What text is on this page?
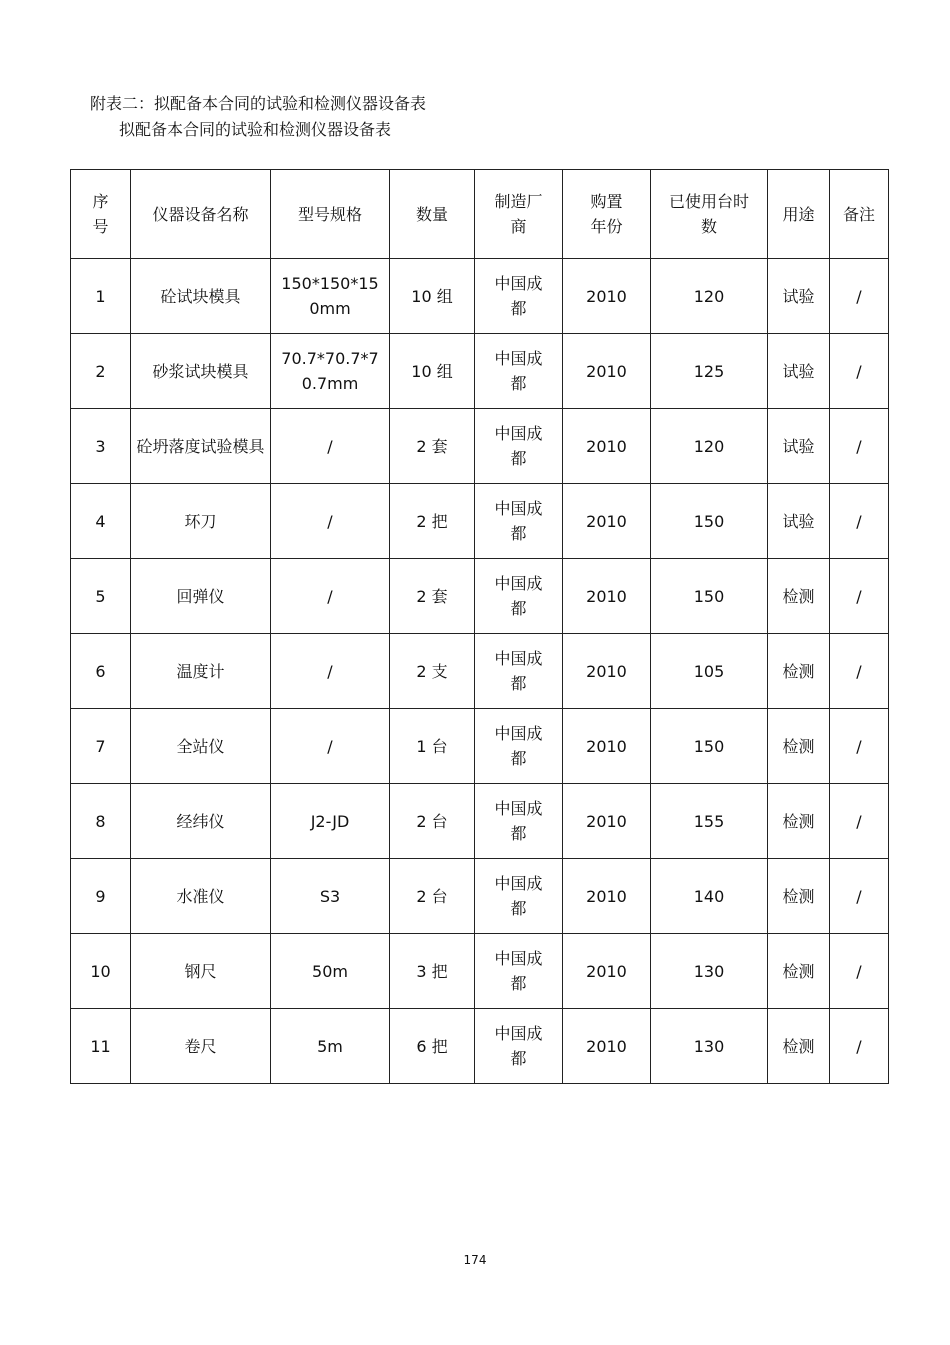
附表二：拟配备本合同的试验和检测仪器设备表
拟配备本合同的试验和检测仪器设备表
序号	仪器设备名称	型号规格	数量	制造厂商	购置年份	已使用台时数	用途	备注
1	砼试块模具	150*150*150mm	10 组	中国成都	2010	120	试验	/
2	砂浆试块模具	70.7*70.7*70.7mm	10 组	中国成都	2010	125	试验	/
3	砼坍落度试验模具	/	2 套	中国成都	2010	120	试验	/
4	环刀	/	2 把	中国成都	2010	150	试验	/
5	回弹仪	/	2 套	中国成都	2010	150	检测	/
6	温度计	/	2 支	中国成都	2010	105	检测	/
7	全站仪	/	1 台	中国成都	2010	150	检测	/
8	经纬仪	J2-JD	2 台	中国成都	2010	155	检测	/
9	水准仪	S3	2 台	中国成都	2010	140	检测	/
10	钢尺	50m	3 把	中国成都	2010	130	检测	/
11	卷尺	5m	6 把	中国成都	2010	130	检测	/
174
